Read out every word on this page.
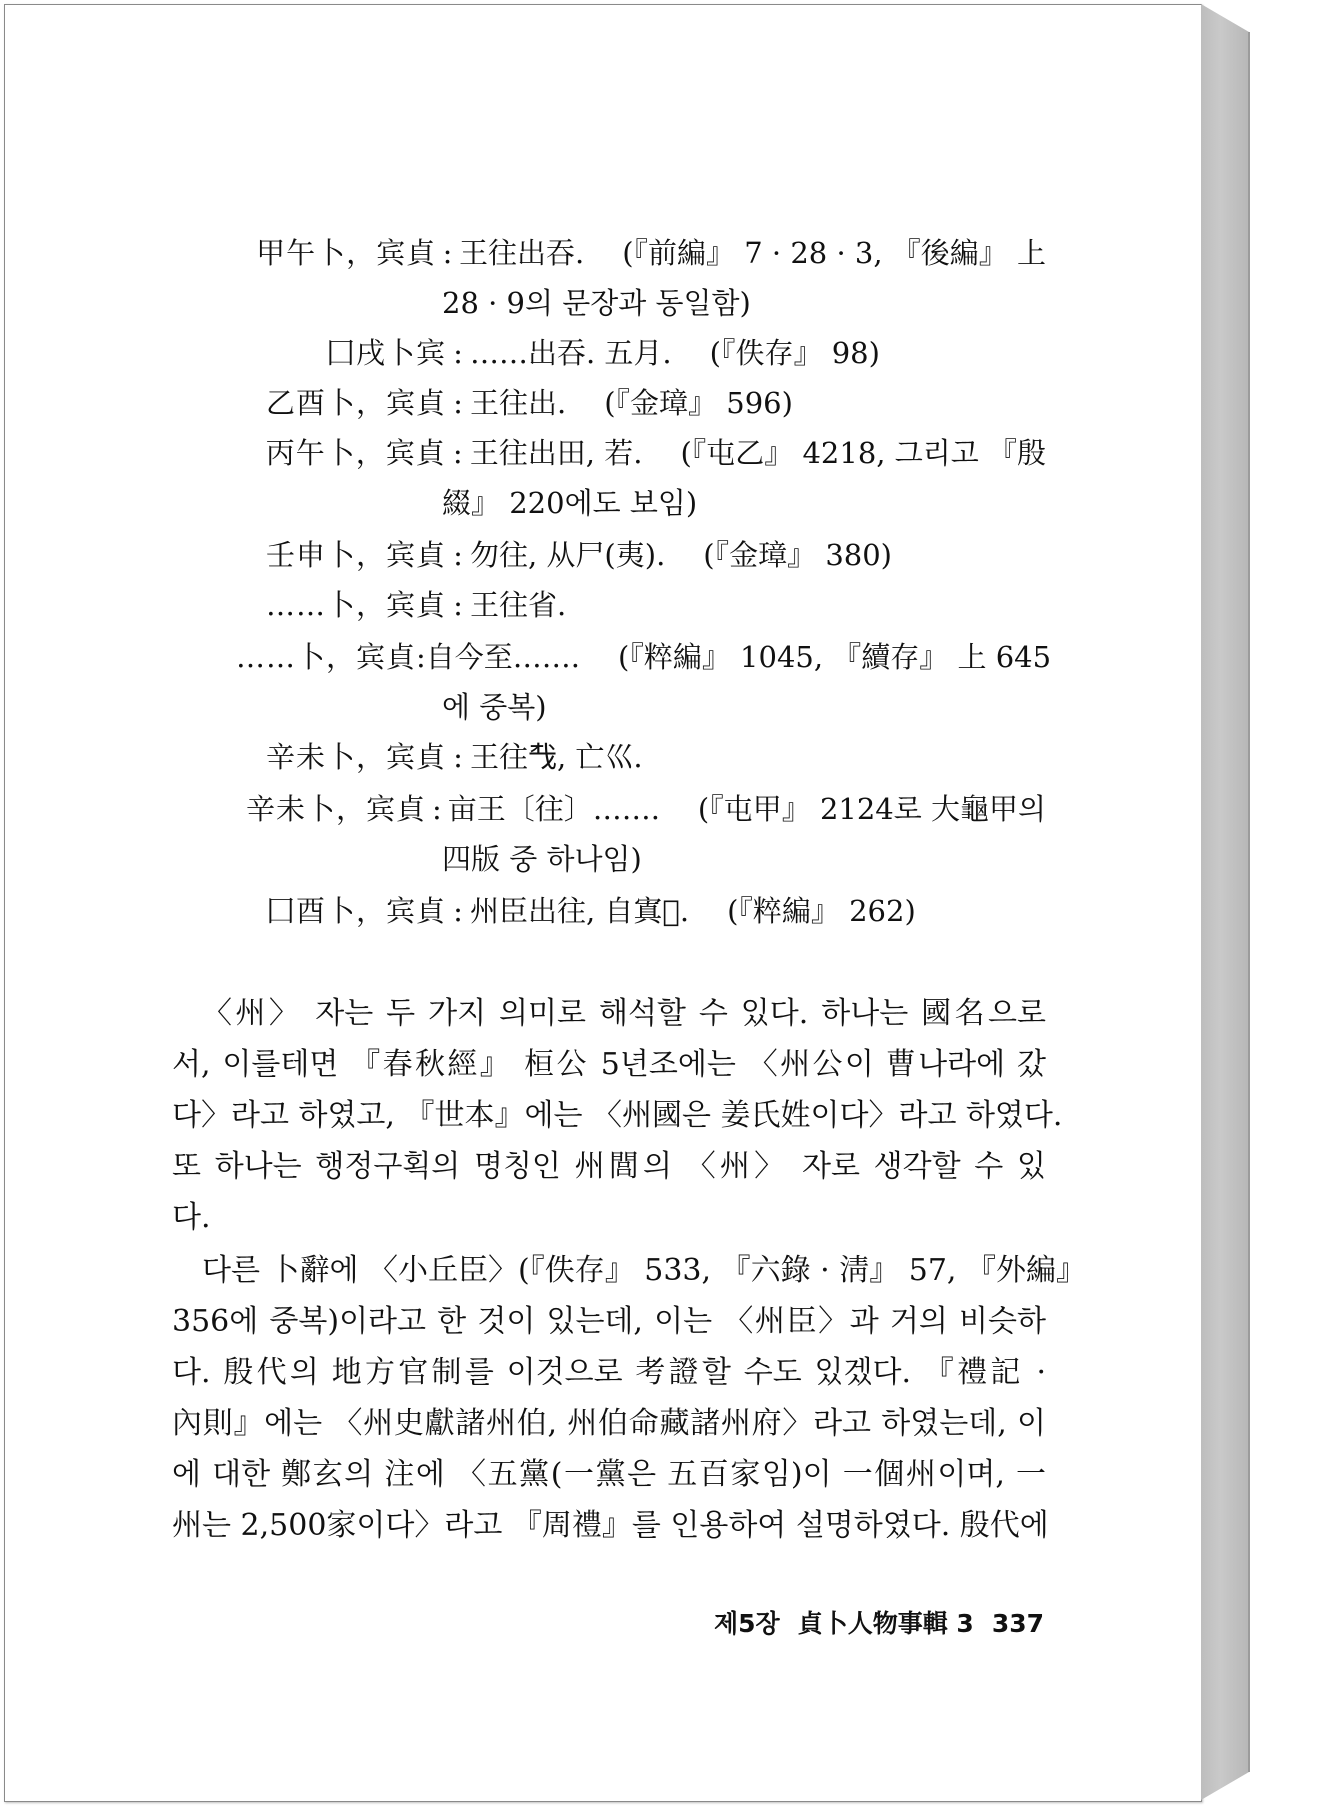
甲午卜，宾貞 : 王往出吞. (『前編』 7 · 28 · 3, 『後編』 上
28 · 9의 문장과 동일함)
囗戌卜宾 : ……出吞. 五月. (『佚存』 98)
乙酉卜，宾貞 : 王往出. (『金璋』 596)
丙午卜，宾貞 : 王往出田, 若. (『屯乙』 4218, 그리고 『殷
綴』 220에도 보임)
壬申卜，宾貞 : 勿往, 从尸(夷). (『金璋』 380)
……卜，宾貞 : 王往省.
……卜，宾貞 : 自今至……. (『粹編』 1045, 『續存』 上 645
에 중복)
辛未卜，宾貞 : 王往𢦔, 亡巛.
辛未卜，宾貞 : 亩王〔往〕……. (『屯甲』 2124로 大龜甲의
四版 중 하나임)
囗酉卜，宾貞 : 州臣出往, 自寘𡧊. (『粹編』 262)
〈州〉 자는 두 가지 의미로 해석할 수 있다. 하나는 國名으로
서, 이를테면 『春秋經』 桓公 5년조에는 〈州公이 曹나라에 갔
다〉라고 하였고, 『世本』에는 〈州國은 姜氏姓이다〉라고 하였다.
또 하나는 행정구획의 명칭인 州閭의 〈州〉 자로 생각할 수 있
다.
다른 卜辭에 〈小丘臣〉(『佚存』 533, 『六錄 · 淸』 57, 『外編』
356에 중복)이라고 한 것이 있는데, 이는 〈州臣〉과 거의 비슷하
다. 殷代의 地方官制를 이것으로 考證할 수도 있겠다. 『禮記 ·
內則』에는 〈州史獻諸州伯, 州伯命藏諸州府〉라고 하였는데, 이
에 대한 鄭玄의 注에 〈五黨(一黨은 五百家임)이 一個州이며, 一
州는 2,500家이다〉라고 『周禮』를 인용하여 설명하였다. 殷代에
제5장 貞卜人物事輯 3 337
